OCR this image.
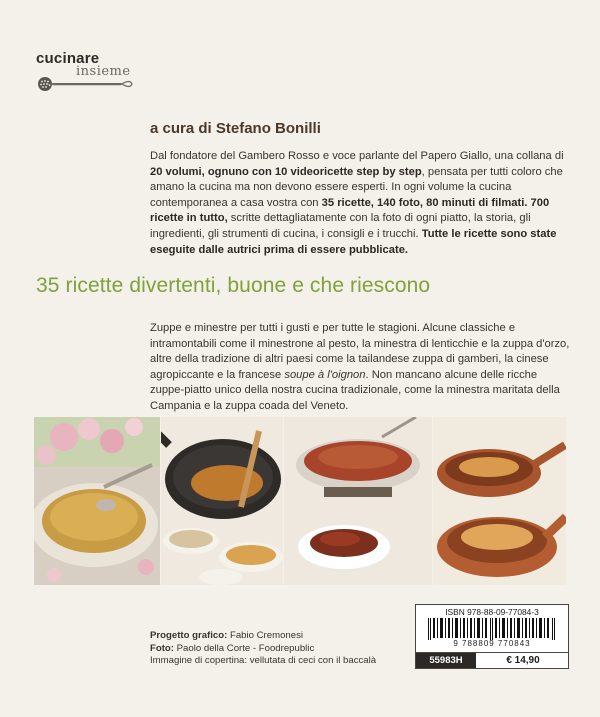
cucinare
insieme
a cura di Stefano Bonilli
Dal fondatore del Gambero Rosso e voce parlante del Papero Giallo, una collana di 20 volumi, ognuno con 10 videoricette step by step, pensata per tutti coloro che amano la cucina ma non devono essere esperti. In ogni volume la cucina contemporanea a casa vostra con 35 ricette, 140 foto, 80 minuti di filmati. 700 ricette in tutto, scritte dettagliatamente con la foto di ogni piatto, la storia, gli ingredienti, gli strumenti di cucina, i consigli e i trucchi. Tutte le ricette sono state eseguite dalle autrici prima di essere pubblicate.
35 ricette divertenti, buone e che riescono
Zuppe e minestre per tutti i gusti e per tutte le stagioni. Alcune classiche e intramontabili come il minestrone al pesto, la minestra di lenticchie e la zuppa d'orzo, altre della tradizione di altri paesi come la tailandese zuppa di gamberi, la cinese agropiccante e la francese soupe à l'oignon. Non mancano alcune delle ricche zuppe-piatto unico della nostra cucina tradizionale, come la minestra maritata della Campania e la zuppa coada del Veneto.
Progetto grafico: Fabio Cremonesi
Foto: Paolo della Corte - Foodrepublic
Immagine di copertina: vellutata di ceci con il baccalà
ISBN 978-88-09-77084-3
9 788809 770843
55983H	€ 14,90
